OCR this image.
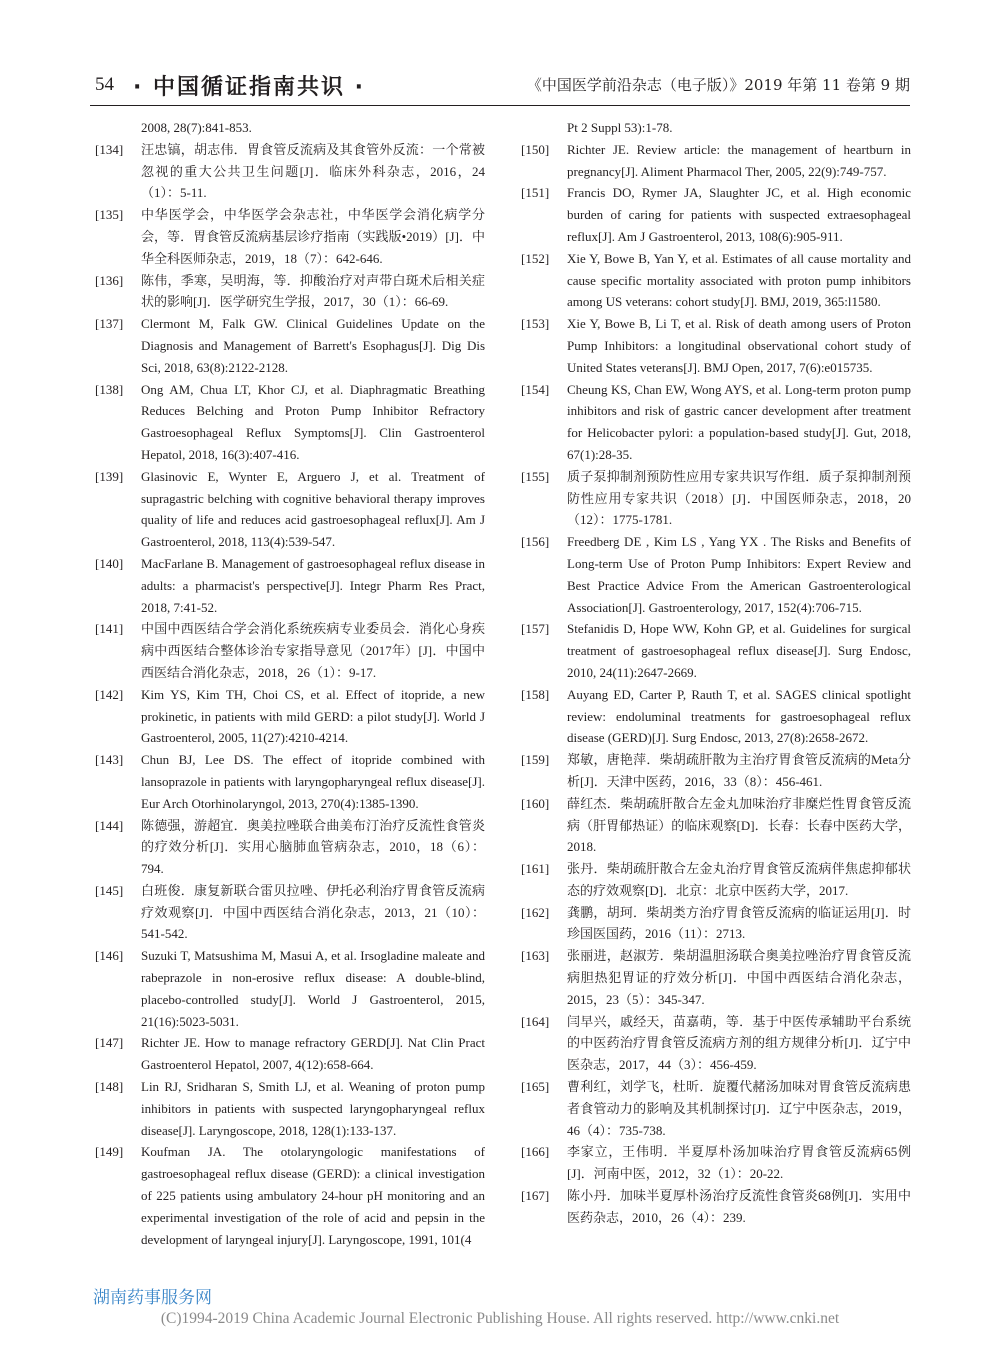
54 · 中国循证指南共识 ·	《中国医学前沿杂志（电子版）》2019 年第 11 卷第 9 期
2008, 28(7):841-853.
[134] 汪忠镐，胡志伟．胃食管反流病及其食管外反流：一个常被忽视的重大公共卫生问题[J]．临床外科杂志，2016，24（1）：5-11.
[135] 中华医学会，中华医学会杂志社，中华医学会消化病学分会，等．胃食管反流病基层诊疗指南（实践版•2019）[J]．中华全科医师杂志，2019，18（7）：642-646.
[136] 陈伟，季寒，吴明海，等．抑酸治疗对声带白斑术后相关症状的影响[J]．医学研究生学报，2017，30（1）：66-69.
[137] Clermont M, Falk GW. Clinical Guidelines Update on the Diagnosis and Management of Barrett's Esophagus[J]. Dig Dis Sci, 2018, 63(8):2122-2128.
[138] Ong AM, Chua LT, Khor CJ, et al. Diaphragmatic Breathing Reduces Belching and Proton Pump Inhibitor Refractory Gastroesophageal Reflux Symptoms[J]. Clin Gastroenterol Hepatol, 2018, 16(3):407-416.
[139] Glasinovic E, Wynter E, Arguero J, et al. Treatment of supragastric belching with cognitive behavioral therapy improves quality of life and reduces acid gastroesophageal reflux[J]. Am J Gastroenterol, 2018, 113(4):539-547.
[140] MacFarlane B. Management of gastroesophageal reflux disease in adults: a pharmacist's perspective[J]. Integr Pharm Res Pract, 2018, 7:41-52.
[141] 中国中西医结合学会消化系统疾病专业委员会．消化心身疾病中西医结合整体诊治专家指导意见（2017年）[J]．中国中西医结合消化杂志，2018，26（1）：9-17.
[142] Kim YS, Kim TH, Choi CS, et al. Effect of itopride, a new prokinetic, in patients with mild GERD: a pilot study[J]. World J Gastroenterol, 2005, 11(27):4210-4214.
[143] Chun BJ, Lee DS. The effect of itopride combined with lansoprazole in patients with laryngopharyngeal reflux disease[J]. Eur Arch Otorhinolaryngol, 2013, 270(4):1385-1390.
[144] 陈德强，游超宜．奥美拉唑联合曲美布汀治疗反流性食管炎的疗效分析[J]．实用心脑肺血管病杂志，2010，18（6）：794.
[145] 白班俊．康复新联合雷贝拉唑、伊托必利治疗胃食管反流病疗效观察[J]．中国中西医结合消化杂志，2013，21（10）：541-542.
[146] Suzuki T, Matsushima M, Masui A, et al. Irsogladine maleate and rabeprazole in non-erosive reflux disease: A double-blind, placebo-controlled study[J]. World J Gastroenterol, 2015, 21(16):5023-5031.
[147] Richter JE. How to manage refractory GERD[J]. Nat Clin Pract Gastroenterol Hepatol, 2007, 4(12):658-664.
[148] Lin RJ, Sridharan S, Smith LJ, et al. Weaning of proton pump inhibitors in patients with suspected laryngopharyngeal reflux disease[J]. Laryngoscope, 2018, 128(1):133-137.
[149] Koufman JA. The otolaryngologic manifestations of gastroesophageal reflux disease (GERD): a clinical investigation of 225 patients using ambulatory 24-hour pH monitoring and an experimental investigation of the role of acid and pepsin in the development of laryngeal injury[J]. Laryngoscope, 1991, 101(4
Pt 2 Suppl 53):1-78.
[150] Richter JE. Review article: the management of heartburn in pregnancy[J]. Aliment Pharmacol Ther, 2005, 22(9):749-757.
[151] Francis DO, Rymer JA, Slaughter JC, et al. High economic burden of caring for patients with suspected extraesophageal reflux[J]. Am J Gastroenterol, 2013, 108(6):905-911.
[152] Xie Y, Bowe B, Yan Y, et al. Estimates of all cause mortality and cause specific mortality associated with proton pump inhibitors among US veterans: cohort study[J]. BMJ, 2019, 365:l1580.
[153] Xie Y, Bowe B, Li T, et al. Risk of death among users of Proton Pump Inhibitors: a longitudinal observational cohort study of United States veterans[J]. BMJ Open, 2017, 7(6):e015735.
[154] Cheung KS, Chan EW, Wong AYS, et al. Long-term proton pump inhibitors and risk of gastric cancer development after treatment for Helicobacter pylori: a population-based study[J]. Gut, 2018, 67(1):28-35.
[155] 质子泵抑制剂预防性应用专家共识写作组．质子泵抑制剂预防性应用专家共识（2018）[J]．中国医师杂志，2018，20（12）：1775-1781.
[156] Freedberg DE , Kim LS , Yang YX . The Risks and Benefits of Long-term Use of Proton Pump Inhibitors: Expert Review and Best Practice Advice From the American Gastroenterological Association[J]. Gastroenterology, 2017, 152(4):706-715.
[157] Stefanidis D, Hope WW, Kohn GP, et al. Guidelines for surgical treatment of gastroesophageal reflux disease[J]. Surg Endosc, 2010, 24(11):2647-2669.
[158] Auyang ED, Carter P, Rauth T, et al. SAGES clinical spotlight review: endoluminal treatments for gastroesophageal reflux disease (GERD)[J]. Surg Endosc, 2013, 27(8):2658-2672.
[159] 郑敏，唐艳萍．柴胡疏肝散为主治疗胃食管反流病的Meta分析[J]．天津中医药，2016，33（8）：456-461.
[160] 薛红杰．柴胡疏肝散合左金丸加味治疗非糜烂性胃食管反流病（肝胃郁热证）的临床观察[D]．长春：长春中医药大学，2018.
[161] 张丹．柴胡疏肝散合左金丸治疗胃食管反流病伴焦虑抑郁状态的疗效观察[D]．北京：北京中医药大学，2017.
[162] 龚鹏，胡珂．柴胡类方治疗胃食管反流病的临证运用[J]．时珍国医国药，2016（11）：2713.
[163] 张丽进，赵淑芳．柴胡温胆汤联合奥美拉唑治疗胃食管反流病胆热犯胃证的疗效分析[J]．中国中西医结合消化杂志，2015，23（5）：345-347.
[164] 闫早兴，戚经天，苗嘉萌，等．基于中医传承辅助平台系统的中医药治疗胃食管反流病方剂的组方规律分析[J]．辽宁中医杂志，2017，44（3）：456-459.
[165] 曹利红，刘学飞，杜昕．旋覆代赭汤加味对胃食管反流病患者食管动力的影响及其机制探讨[J]．辽宁中医杂志，2019，46（4）：735-738.
[166] 李家立，王伟明．半夏厚朴汤加味治疗胃食管反流病65例[J]．河南中医，2012，32（1）：20-22.
[167] 陈小丹．加味半夏厚朴汤治疗反流性食管炎68例[J]．实用中医药杂志，2010，26（4）：239.
湖南药事服务网
(C)1994-2019 China Academic Journal Electronic Publishing House. All rights reserved. http://www.cnki.net
